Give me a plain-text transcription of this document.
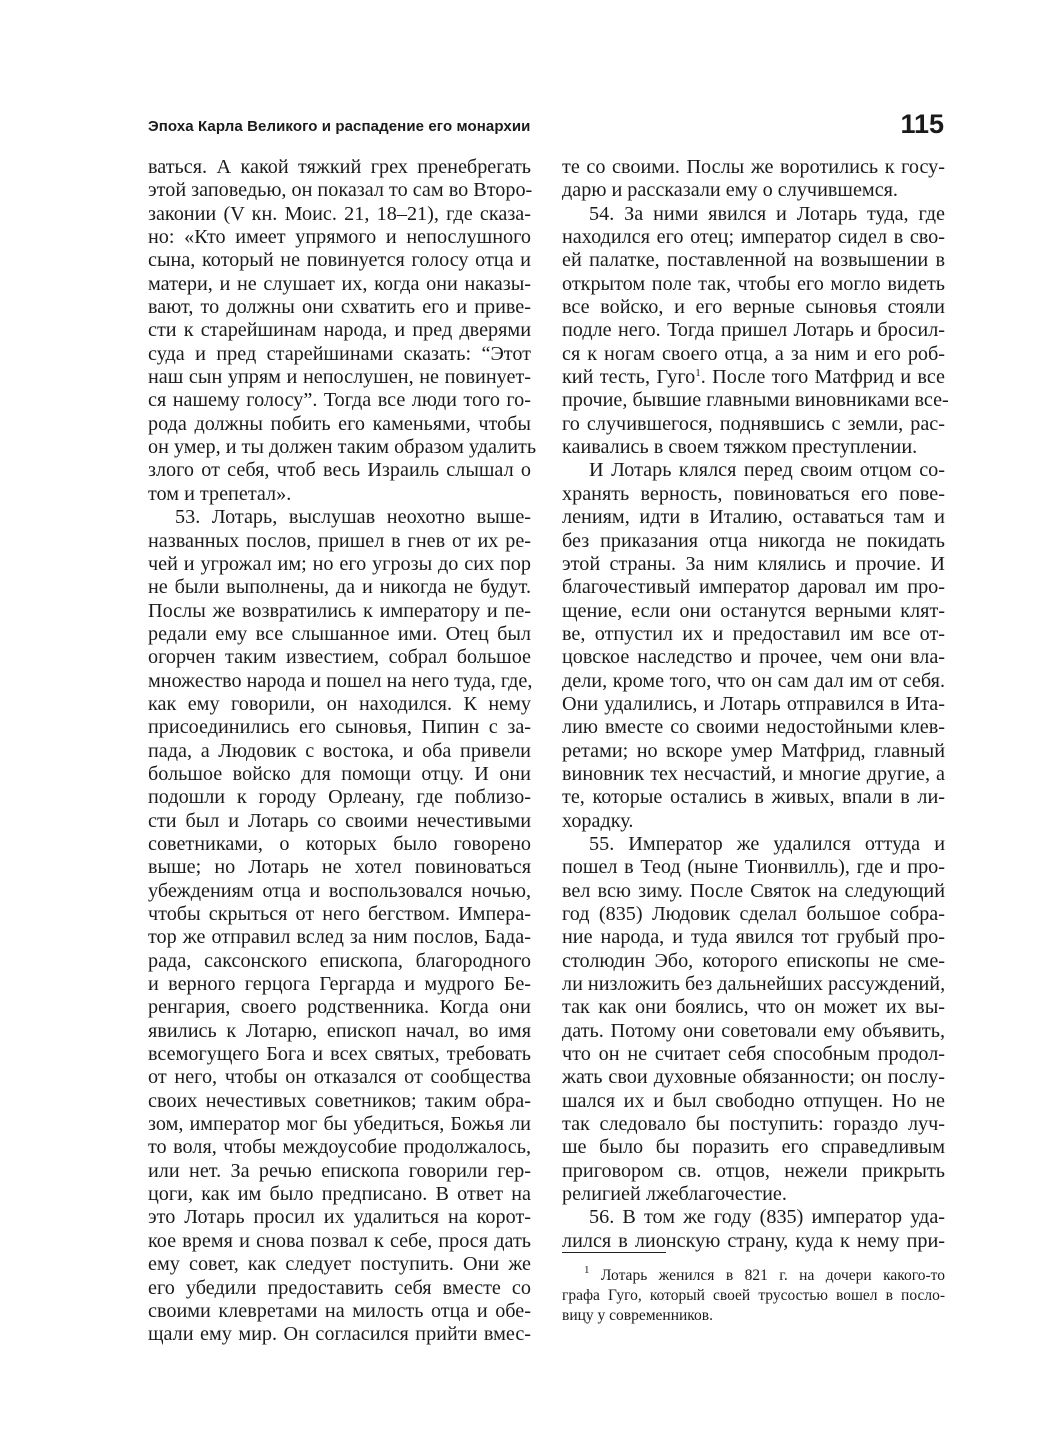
Эпоха Карла Великого и распадение его монархии	115
ваться. А какой тяжкий грех пренебрегать
этой заповедью, он показал то сам во Второ-
законии (V кн. Моис. 21, 18–21), где сказа-
но: «Кто имеет упрямого и непослушного
сына, который не повинуется голосу отца и
матери, и не слушает их, когда они наказы-
вают, то должны они схватить его и приве-
сти к старейшинам народа, и пред дверями
суда и пред старейшинами сказать: “Этот
наш сын упрям и непослушен, не повинует-
ся нашему голосу”. Тогда все люди того го-
рода должны побить его каменьями, чтобы
он умер, и ты должен таким образом удалить
злого от себя, чтоб весь Израиль слышал о
том и трепетал».
53. Лотарь, выслушав неохотно выше-
названных послов, пришел в гнев от их ре-
чей и угрожал им; но его угрозы до сих пор
не были выполнены, да и никогда не будут.
Послы же возвратились к императору и пе-
редали ему все слышанное ими. Отец был
огорчен таким известием, собрал большое
множество народа и пошел на него туда, где,
как ему говорили, он находился. К нему
присоединились его сыновья, Пипин с за-
пада, а Людовик с востока, и оба привели
большое войско для помощи отцу. И они
подошли к городу Орлеану, где поблизо-
сти был и Лотарь со своими нечестивыми
советниками, о которых было говорено
выше; но Лотарь не хотел повиноваться
убеждениям отца и воспользовался ночью,
чтобы скрыться от него бегством. Импера-
тор же отправил вслед за ним послов, Бада-
рада, саксонского епископа, благородного
и верного герцога Гергарда и мудрого Бе-
ренгария, своего родственника. Когда они
явились к Лотарю, епископ начал, во имя
всемогущего Бога и всех святых, требовать
от него, чтобы он отказался от сообщества
своих нечестивых советников; таким обра-
зом, император мог бы убедиться, Божья ли
то воля, чтобы междоусобие продолжалось,
или нет. За речью епископа говорили гер-
цоги, как им было предписано. В ответ на
это Лотарь просил их удалиться на корот-
кое время и снова позвал к себе, прося дать
ему совет, как следует поступить. Они же
его убедили предоставить себя вместе со
своими клевретами на милость отца и обе-
щали ему мир. Он согласился прийти вмес-
те со своими. Послы же воротились к госу-
дарю и рассказали ему о случившемся.
54. За ними явился и Лотарь туда, где
находился его отец; император сидел в сво-
ей палатке, поставленной на возвышении в
открытом поле так, чтобы его могло видеть
все войско, и его верные сыновья стояли
подле него. Тогда пришел Лотарь и бросил-
ся к ногам своего отца, а за ним и его роб-
кий тесть, Гуго$^1$. После того Матфрид и все
прочие, бывшие главными виновниками все-
го случившегося, поднявшись с земли, рас-
каивались в своем тяжком преступлении.
И Лотарь клялся перед своим отцом со-
хранять верность, повиноваться его пове-
лениям, идти в Италию, оставаться там и
без приказания отца никогда не покидать
этой страны. За ним клялись и прочие. И
благочестивый император даровал им про-
щение, если они останутся верными клят-
ве, отпустил их и предоставил им все от-
цовское наследство и прочее, чем они вла-
дели, кроме того, что он сам дал им от себя.
Они удалились, и Лотарь отправился в Ита-
лию вместе со своими недостойными клев-
ретами; но вскоре умер Матфрид, главный
виновник тех несчастий, и многие другие, а
те, которые остались в живых, впали в ли-
хорадку.
55. Император же удалился оттуда и
пошел в Теод (ныне Тионвилль), где и про-
вел всю зиму. После Святок на следующий
год (835) Людовик сделал большое собра-
ние народа, и туда явился тот грубый про-
столюдин Эбо, которого епископы не сме-
ли низложить без дальнейших рассуждений,
так как они боялись, что он может их вы-
дать. Потому они советовали ему объявить,
что он не считает себя способным продол-
жать свои духовные обязанности; он послу-
шался их и был свободно отпущен. Но не
так следовало бы поступить: гораздо луч-
ше было бы поразить его справедливым
приговором св. отцов, нежели прикрыть
религией лжеблагочестие.
56. В том же году (835) император уда-
лился в лионскую страну, куда к нему при-
$^1$ Лотарь женился в 821 г. на дочери какого-то
графа Гуго, который своей трусостью вошел в посло-
вицу у современников.
